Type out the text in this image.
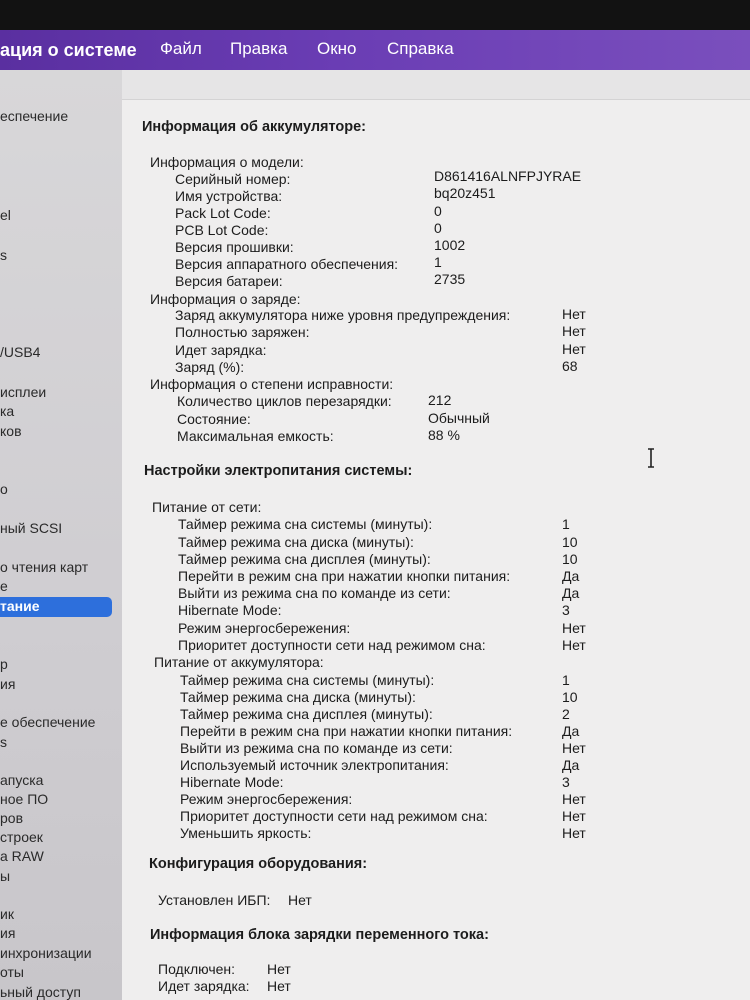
ация о системе Файл Правка Окно Справка
еспечение
el
s
/USB4
исплеи
ка
ков
о
ный SCSI
о чтения карт
е
тание
р
ия
е обеспечение
s
апуска
ное ПО
ров
строек
а RAW
ы
ик
ия
инхронизации
оты
ьный доступ
Информация об аккумуляторе:
Информация о модели:
Серийный номер:	D861416ALNFPJYRAE
Имя устройства:	bq20z451
Pack Lot Code:	0
PCB Lot Code:	0
Версия прошивки:	1002
Версия аппаратного обеспечения:	1
Версия батареи:	2735
Информация о заряде:
Заряд аккумулятора ниже уровня предупреждения:	Нет
Полностью заряжен:	Нет
Идет зарядка:	Нет
Заряд (%):	68
Информация о степени исправности:
Количество циклов перезарядки:	212
Состояние:	Обычный
Максимальная емкость:	88 %
Настройки электропитания системы:
Питание от сети:
Таймер режима сна системы (минуты):	1
Таймер режима сна диска (минуты):	10
Таймер режима сна дисплея (минуты):	10
Перейти в режим сна при нажатии кнопки питания:	Да
Выйти из режима сна по команде из сети:	Да
Hibernate Mode:	3
Режим энергосбережения:	Нет
Приоритет доступности сети над режимом сна:	Нет
Питание от аккумулятора:
Таймер режима сна системы (минуты):	1
Таймер режима сна диска (минуты):	10
Таймер режима сна дисплея (минуты):	2
Перейти в режим сна при нажатии кнопки питания:	Да
Выйти из режима сна по команде из сети:	Нет
Используемый источник электропитания:	Да
Hibernate Mode:	3
Режим энергосбережения:	Нет
Приоритет доступности сети над режимом сна:	Нет
Уменьшить яркость:	Нет
Конфигурация оборудования:
Установлен ИБП: Нет
Информация блока зарядки переменного тока:
Подключен: Нет
Идет зарядка: Нет
